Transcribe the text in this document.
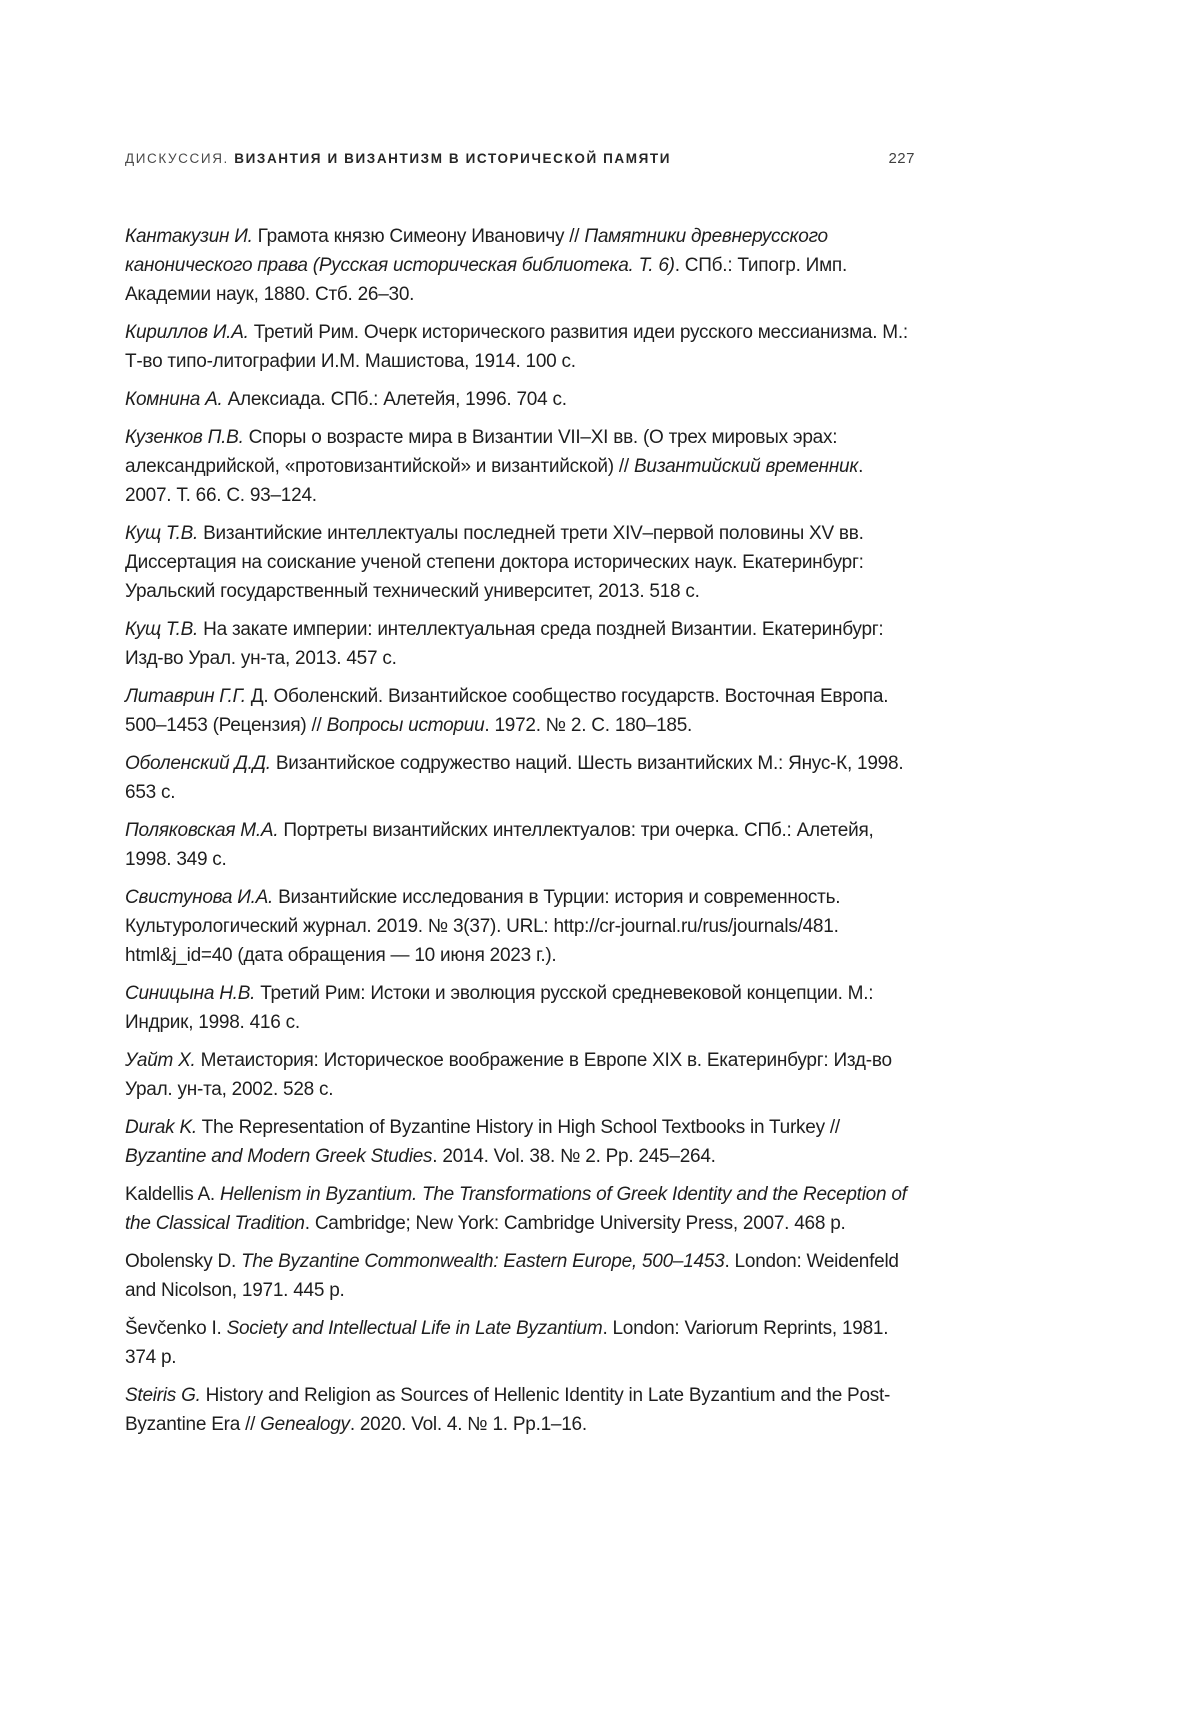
ДИСКУССИЯ. ВИЗАНТИЯ И ВИЗАНТИЗМ В ИСТОРИЧЕСКОЙ ПАМЯТИ	227

Кантакузин И. Грамота князю Симеону Ивановичу // Памятники древнерусского канонического права (Русская историческая библиотека. Т. 6). СПб.: Типогр. Имп. Академии наук, 1880. Стб. 26–30.

Кириллов И.А. Третий Рим. Очерк исторического развития идеи русского мессианизма. М.: Т-во типо-литографии И.М. Машистова, 1914. 100 с.

Комнина А. Алексиада. СПб.: Алетейя, 1996. 704 с.

Кузенков П.В. Споры о возрасте мира в Византии VII–XI вв. (О трех мировых эрах: александрийской, «протовизантийской» и византийской) // Византийский временник. 2007. Т. 66. С. 93–124.

Кущ Т.В. Византийские интеллектуалы последней трети XIV–первой половины XV вв. Диссертация на соискание ученой степени доктора исторических наук. Екатеринбург: Уральский государственный технический университет, 2013. 518 с.

Кущ Т.В. На закате империи: интеллектуальная среда поздней Византии. Екатеринбург: Изд-во Урал. ун-та, 2013. 457 с.

Литаврин Г.Г. Д. Оболенский. Византийское сообщество государств. Восточная Европа. 500–1453 (Рецензия) // Вопросы истории. 1972. № 2. С. 180–185.

Оболенский Д.Д. Византийское содружество наций. Шесть византийских М.: Янус-К, 1998. 653 с.

Поляковская М.А. Портреты византийских интеллектуалов: три очерка. СПб.: Алетейя, 1998. 349 с.

Свистунова И.А. Византийские исследования в Турции: история и современность. Культурологический журнал. 2019. № 3(37). URL: http://cr-journal.ru/rus/journals/481.​html&j_id=40 (дата обращения — 10 июня 2023 г.).

Синицына Н.В. Третий Рим: Истоки и эволюция русской средневековой концепции. М.: Индрик, 1998. 416 с.

Уайт Х. Метаистория: Историческое воображение в Европе XIX в. Екатеринбург: Изд-во Урал. ун-та, 2002. 528 с.

Durak K. The Representation of Byzantine History in High School Textbooks in Turkey // Byzantine and Modern Greek Studies. 2014. Vol. 38. № 2. Pp. 245–264.

Kaldellis A. Hellenism in Byzantium. The Transformations of Greek Identity and the Reception of the Classical Tradition. Cambridge; New York: Cambridge University Press, 2007. 468 p.

Obolensky D. The Byzantine Commonwealth: Eastern Europe, 500–1453. London: Weidenfeld and Nicolson, 1971. 445 p.

Ševčenko I. Society and Intellectual Life in Late Byzantium. London: Variorum Reprints, 1981. 374 p.

Steiris G. History and Religion as Sources of Hellenic Identity in Late Byzantium and the Post-Byzantine Era // Genealogy. 2020. Vol. 4. № 1. Pp.1–16.
